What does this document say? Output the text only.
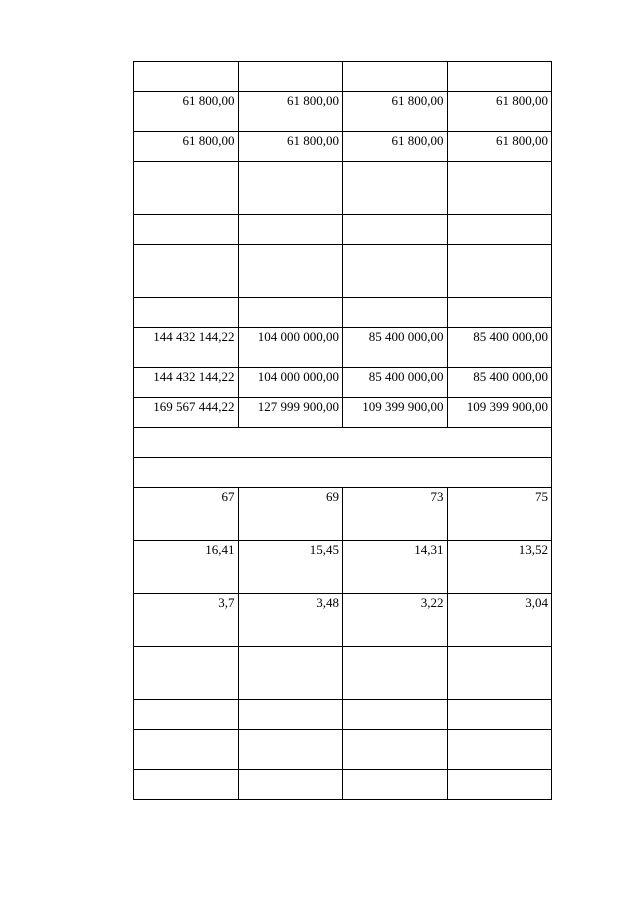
61 800,00	61 800,00	61 800,00	61 800,00
61 800,00	61 800,00	61 800,00	61 800,00

144 432 144,22	104 000 000,00	85 400 000,00	85 400 000,00
144 432 144,22	104 000 000,00	85 400 000,00	85 400 000,00
169 567 444,22	127 999 900,00	109 399 900,00	109 399 900,00

67	69	73	75
16,41	15,45	14,31	13,52
3,7	3,48	3,22	3,04
